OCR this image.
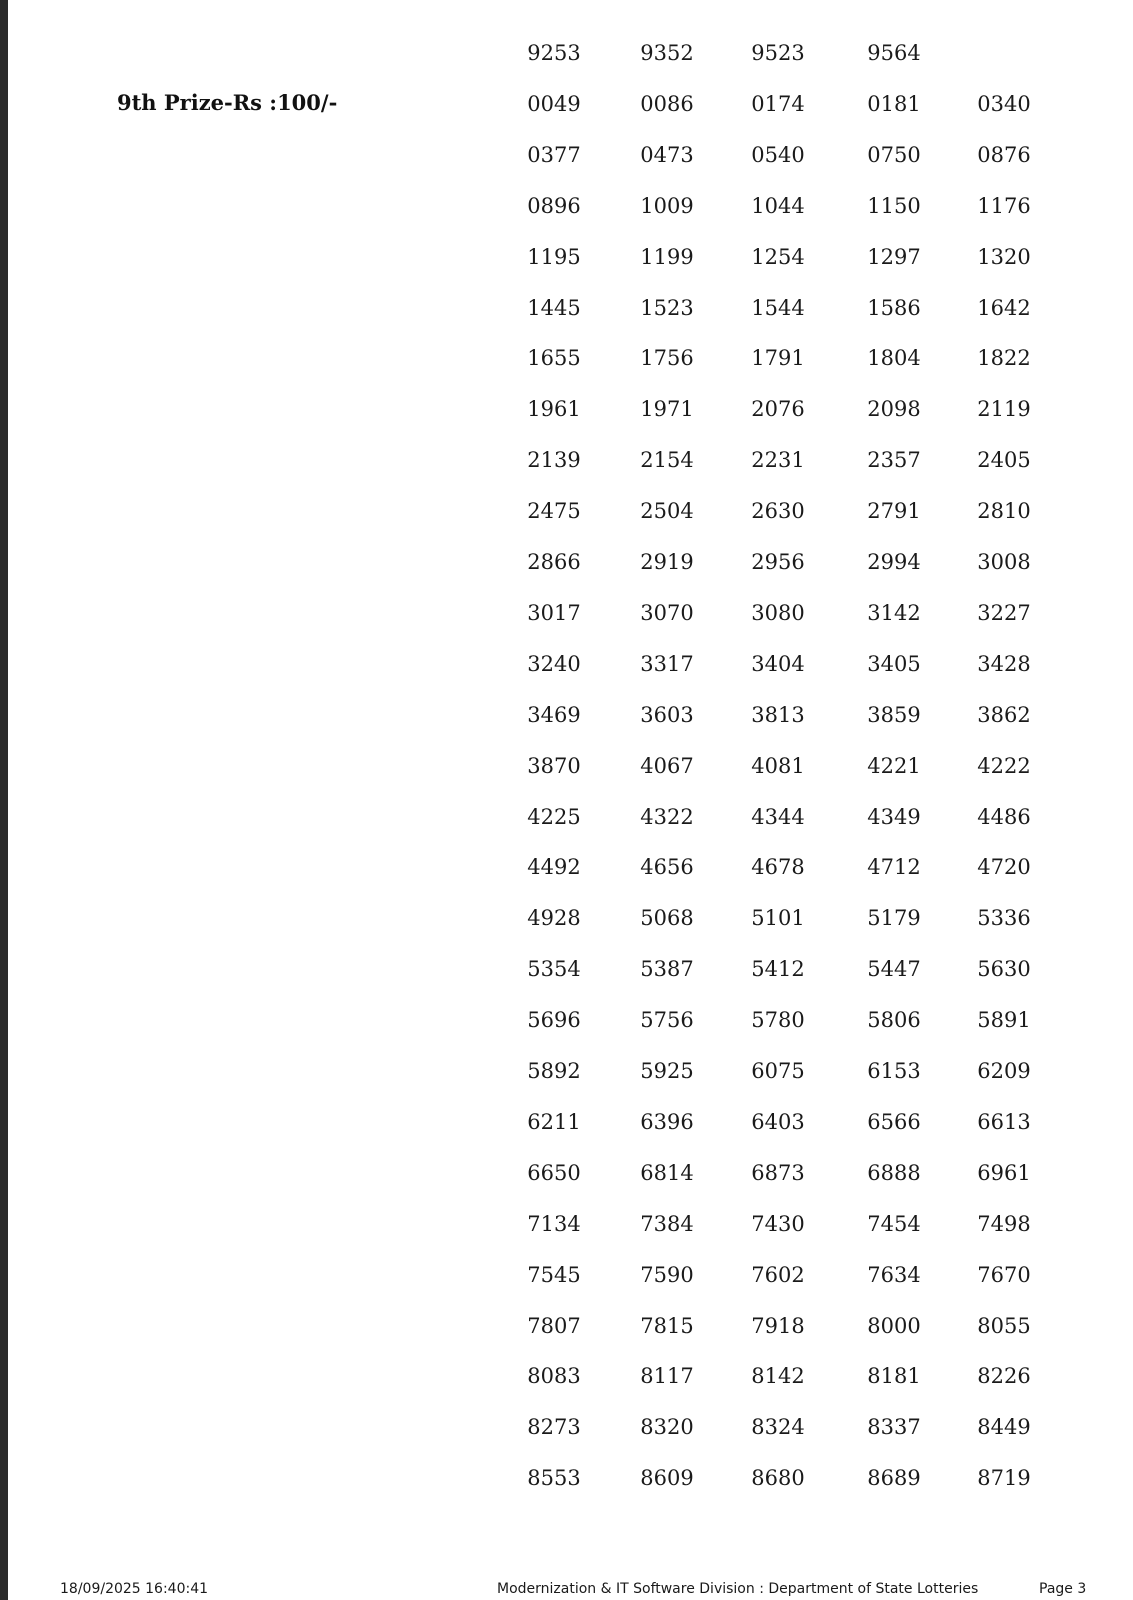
9th Prize-Rs :100/-
9253	9352	9523	9564
0049	0086	0174	0181	0340
0377	0473	0540	0750	0876
0896	1009	1044	1150	1176
1195	1199	1254	1297	1320
1445	1523	1544	1586	1642
1655	1756	1791	1804	1822
1961	1971	2076	2098	2119
2139	2154	2231	2357	2405
2475	2504	2630	2791	2810
2866	2919	2956	2994	3008
3017	3070	3080	3142	3227
3240	3317	3404	3405	3428
3469	3603	3813	3859	3862
3870	4067	4081	4221	4222
4225	4322	4344	4349	4486
4492	4656	4678	4712	4720
4928	5068	5101	5179	5336
5354	5387	5412	5447	5630
5696	5756	5780	5806	5891
5892	5925	6075	6153	6209
6211	6396	6403	6566	6613
6650	6814	6873	6888	6961
7134	7384	7430	7454	7498
7545	7590	7602	7634	7670
7807	7815	7918	8000	8055
8083	8117	8142	8181	8226
8273	8320	8324	8337	8449
8553	8609	8680	8689	8719
18/09/2025 16:40:41	Modernization & IT Software Division : Department of State Lotteries	Page 3
